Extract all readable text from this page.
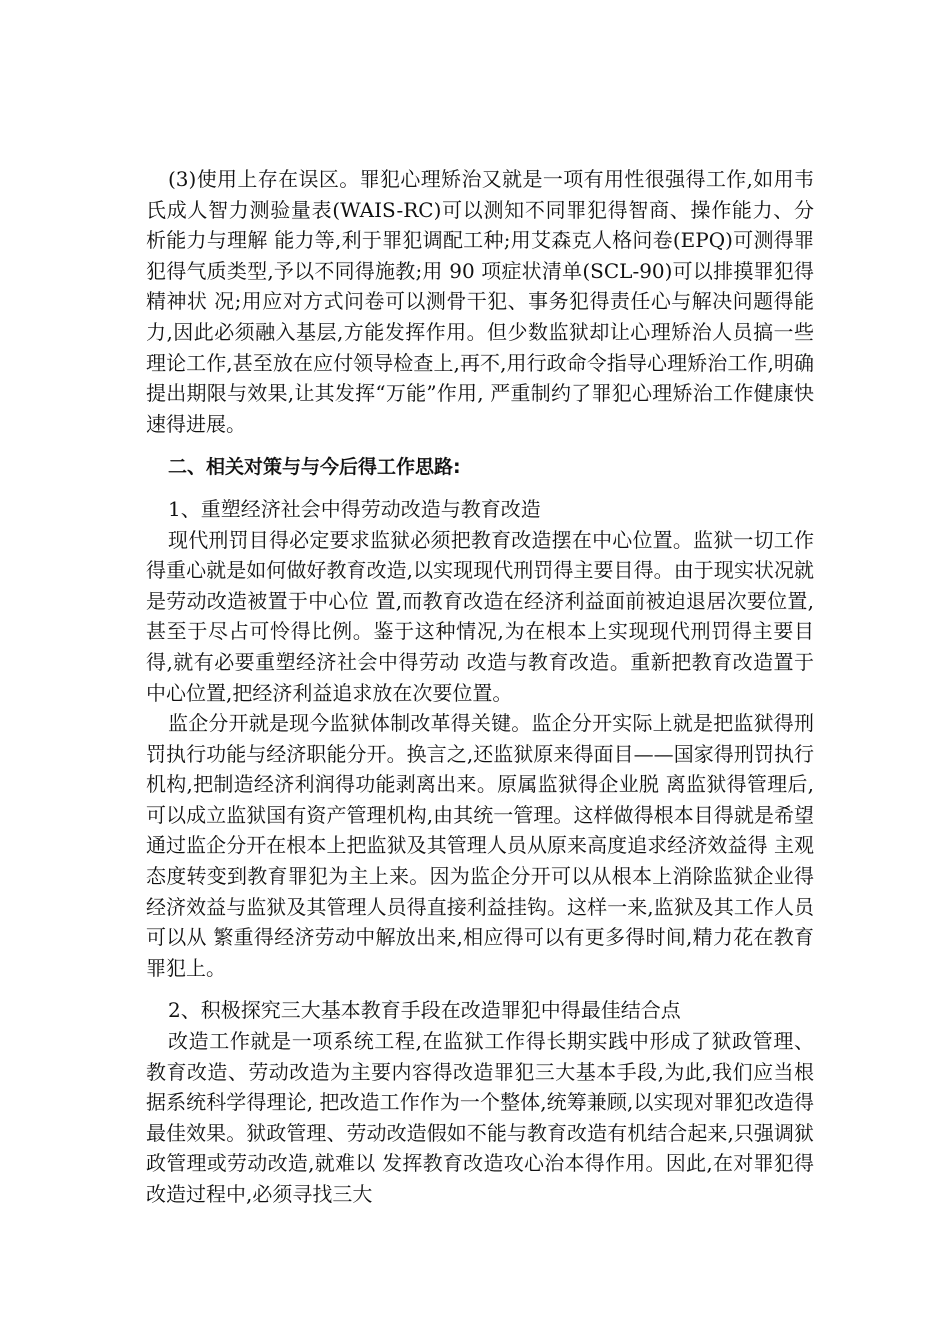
(3)使用上存在误区。罪犯心理矫治又就是一项有用性很强得工作,如用韦氏成人智力测验量表(WAIS-RC)可以测知不同罪犯得智商、操作能力、分析能力与理解 能力等,利于罪犯调配工种;用艾森克人格问卷(EPQ)可测得罪犯得气质类型,予以不同得施教;用 90 项症状清单(SCL-90)可以排摸罪犯得精神状 况;用应对方式问卷可以测骨干犯、事务犯得责任心与解决问题得能力,因此必须融入基层,方能发挥作用。但少数监狱却让心理矫治人员搞一些理论工作,甚至放在应付领导检查上,再不,用行政命令指导心理矫治工作,明确提出期限与效果,让其发挥“万能”作用, 严重制约了罪犯心理矫治工作健康快速得进展。

二、相关对策与与今后得工作思路:

1、重塑经济社会中得劳动改造与教育改造

现代刑罚目得必定要求监狱必须把教育改造摆在中心位置。监狱一切工作得重心就是如何做好教育改造,以实现现代刑罚得主要目得。由于现实状况就是劳动改造被置于中心位 置,而教育改造在经济利益面前被迫退居次要位置,甚至于尽占可怜得比例。鉴于这种情况,为在根本上实现现代刑罚得主要目得,就有必要重塑经济社会中得劳动 改造与教育改造。重新把教育改造置于中心位置,把经济利益追求放在次要位置。

监企分开就是现今监狱体制改革得关键。监企分开实际上就是把监狱得刑罚执行功能与经济职能分开。换言之,还监狱原来得面目——国家得刑罚执行机构,把制造经济利润得功能剥离出来。原属监狱得企业脱 离监狱得管理后,可以成立监狱国有资产管理机构,由其统一管理。这样做得根本目得就是希望通过监企分开在根本上把监狱及其管理人员从原来高度追求经济效益得 主观态度转变到教育罪犯为主上来。因为监企分开可以从根本上消除监狱企业得经济效益与监狱及其管理人员得直接利益挂钩。这样一来,监狱及其工作人员可以从 繁重得经济劳动中解放出来,相应得可以有更多得时间,精力花在教育罪犯上。

2、积极探究三大基本教育手段在改造罪犯中得最佳结合点

改造工作就是一项系统工程,在监狱工作得长期实践中形成了狱政管理、教育改造、劳动改造为主要内容得改造罪犯三大基本手段,为此,我们应当根据系统科学得理论, 把改造工作作为一个整体,统筹兼顾,以实现对罪犯改造得最佳效果。狱政管理、劳动改造假如不能与教育改造有机结合起来,只强调狱政管理或劳动改造,就难以 发挥教育改造攻心治本得作用。因此,在对罪犯得改造过程中,必须寻找三大
